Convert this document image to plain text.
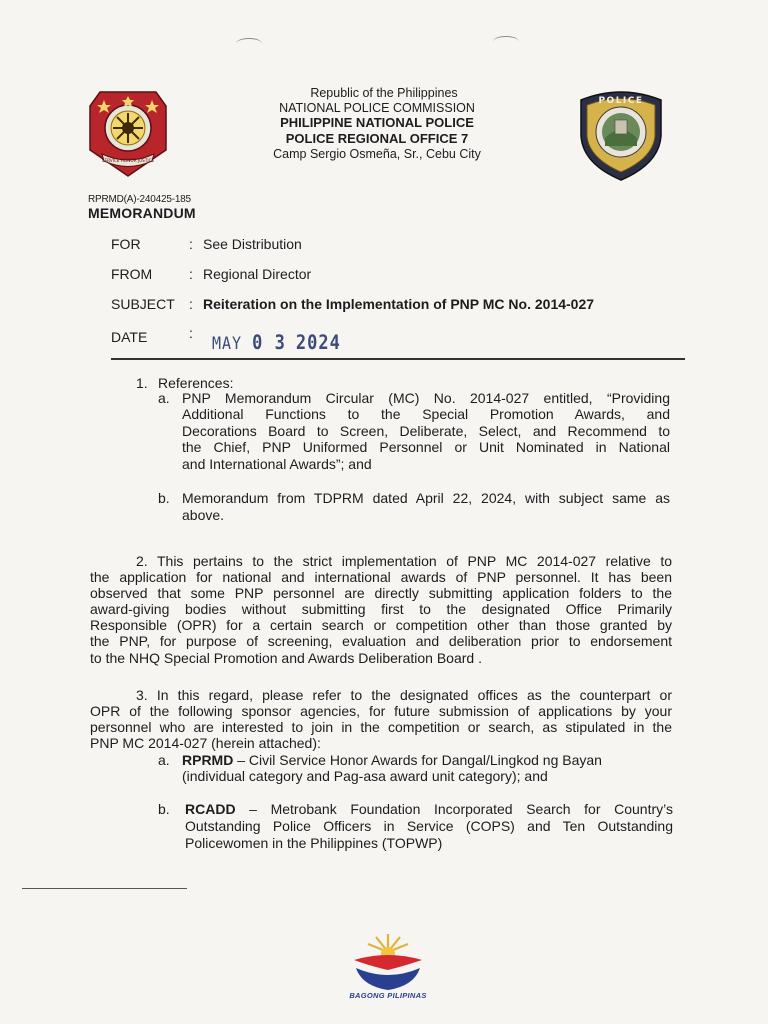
SERVICE HONOR JUSTICE
Republic of the Philippines
NATIONAL POLICE COMMISSION
PHILIPPINE NATIONAL POLICE
POLICE REGIONAL OFFICE 7
Camp Sergio Osmeña, Sr., Cebu City
POLICE
RPRMD(A)-240425-185
MEMORANDUM
FOR	: See Distribution
FROM	: Regional Director
SUBJECT : Reiteration on the Implementation of PNP MC No. 2014-027
DATE	:	MAY 0 3 2024
1. References:
a. PNP Memorandum Circular (MC) No. 2014-027 entitled, “Providing
Additional Functions to the Special Promotion Awards, and
Decorations Board to Screen, Deliberate, Select, and Recommend to
the Chief, PNP Uniformed Personnel or Unit Nominated in National
and International Awards”; and
b. Memorandum from TDPRM dated April 22, 2024, with subject same as
above.
2. This pertains to the strict implementation of PNP MC 2014-027 relative to
the application for national and international awards of PNP personnel. It has been
observed that some PNP personnel are directly submitting application folders to the
award-giving bodies without submitting first to the designated Office Primarily
Responsible (OPR) for a certain search or competition other than those granted by
the PNP, for purpose of screening, evaluation and deliberation prior to endorsement
to the NHQ Special Promotion and Awards Deliberation Board .
3. In this regard, please refer to the designated offices as the counterpart or
OPR of the following sponsor agencies, for future submission of applications by your
personnel who are interested to join in the competition or search, as stipulated in the
PNP MC 2014-027 (herein attached):
a. RPRMD – Civil Service Honor Awards for Dangal/Lingkod ng Bayan
(individual category and Pag-asa award unit category); and
b. RCADD – Metrobank Foundation Incorporated Search for Country’s
Outstanding Police Officers in Service (COPS) and Ten Outstanding
Policewomen in the Philippines (TOPWP)
BAGONG PILIPINAS
